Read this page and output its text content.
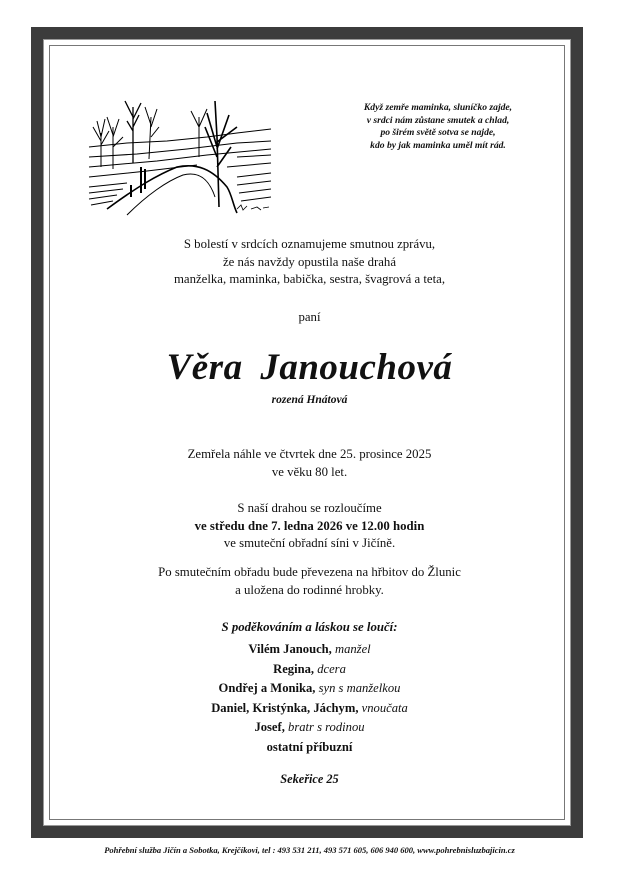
Když zemře maminka, sluníčko zajde,
v srdci nám zůstane smutek a chlad,
po širém světě sotva se najde,
kdo by jak maminka uměl mít rád.
S bolestí v srdcích oznamujeme smutnou zprávu,
že nás navždy opustila naše drahá
manželka, maminka, babička, sestra, švagrová a teta,
paní
Věra Janouchová
rozená Hnátová
Zemřela náhle ve čtvrtek dne 25. prosince 2025
ve věku 80 let.
S naší drahou se rozloučíme
ve středu dne 7. ledna 2026 ve 12.00 hodin
ve smuteční obřadní síni v Jičíně.
Po smutečním obřadu bude převezena na hřbitov do Žlunic
a uložena do rodinné hrobky.
S poděkováním a láskou se loučí:
Vilém Janouch, manžel
Regina, dcera
Ondřej a Monika, syn s manželkou
Daniel, Kristýnka, Jáchym, vnoučata
Josef, bratr s rodinou
ostatní příbuzní
Sekeřice 25
Pohřební služba Jičín a Sobotka, Krejčíkovi, tel : 493 531 211, 493 571 605, 606 940 600, www.pohrebnisluzbajicin.cz
